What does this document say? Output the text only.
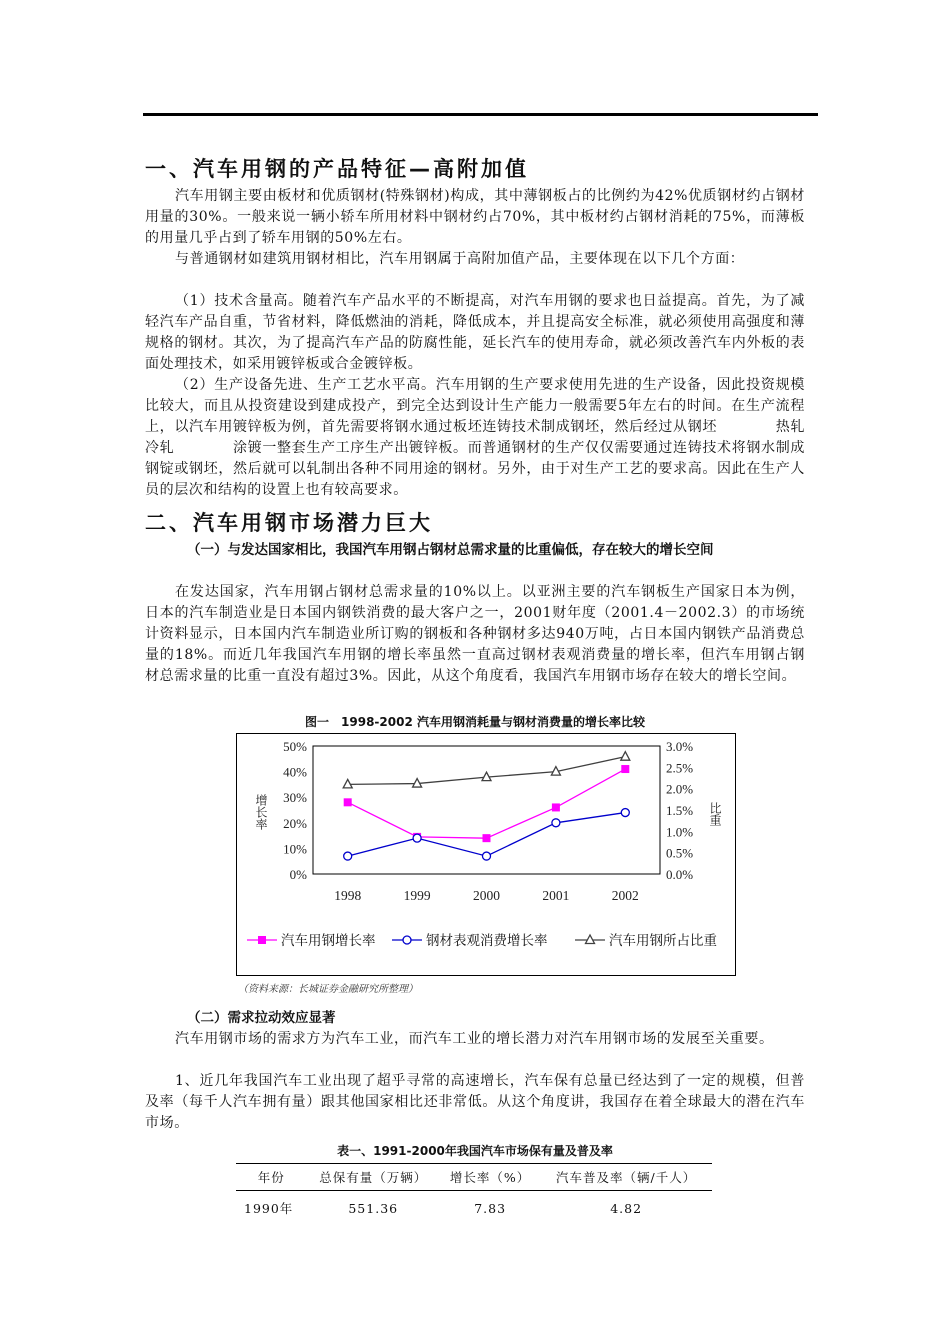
一、汽车用钢的产品特征—高附加值

汽车用钢主要由板材和优质钢材(特殊钢材)构成，其中薄钢板占的比例约为42%优质钢材约占钢材用量的30%。一般来说一辆小轿车所用材料中钢材约占70%，其中板材约占钢材消耗的75%，而薄板的用量几乎占到了轿车用钢的50%左右。

与普通钢材如建筑用钢材相比，汽车用钢属于高附加值产品，主要体现在以下几个方面：

（1）技术含量高。随着汽车产品水平的不断提高，对汽车用钢的要求也日益提高。首先，为了减轻汽车产品自重，节省材料，降低燃油的消耗，降低成本，并且提高安全标准，就必须使用高强度和薄规格的钢材。其次，为了提高汽车产品的防腐性能，延长汽车的使用寿命，就必须改善汽车内外板的表面处理技术，如采用镀锌板或合金镀锌板。

（2）生产设备先进、生产工艺水平高。汽车用钢的生产要求使用先进的生产设备，因此投资规模比较大，而且从投资建设到建成投产，到完全达到设计生产能力一般需要5年左右的时间。在生产流程上，以汽车用镀锌板为例，首先需要将钢水通过板坯连铸技术制成钢坯，然后经过从钢坯　　　　热轧　　　　冷轧　　　　涂镀一整套生产工序生产出镀锌板。而普通钢材的生产仅仅需要通过连铸技术将钢水制成钢锭或钢坯，然后就可以轧制出各种不同用途的钢材。另外，由于对生产工艺的要求高。因此在生产人员的层次和结构的设置上也有较高要求。

二、汽车用钢市场潜力巨大

（一）与发达国家相比，我国汽车用钢占钢材总需求量的比重偏低，存在较大的增长空间

在发达国家，汽车用钢占钢材总需求量的10%以上。以亚洲主要的汽车钢板生产国家日本为例，日本的汽车制造业是日本国内钢铁消费的最大客户之一，2001财年度（2001.4－2002.3）的市场统计资料显示，日本国内汽车制造业所订购的钢板和各种钢材多达940万吨，占日本国内钢铁产品消费总量的18%。而近几年我国汽车用钢的增长率虽然一直高过钢材表观消费量的增长率，但汽车用钢占钢材总需求量的比重一直没有超过3%。因此，从这个角度看，我国汽车用钢市场存在较大的增长空间。

图一　1998-2002 汽车用钢消耗量与钢材消费量的增长率比较
0%
10%
20%
30%
40%
50%
0.0%
0.5%
1.0%
1.5%
2.0%
2.5%
3.0%
1998	1999	2000	2001	2002
增长率	比重
汽车用钢增长率	钢材表观消费增长率	汽车用钢所占比重
（资料来源：长城证券金融研究所整理）

（二）需求拉动效应显著

汽车用钢市场的需求方为汽车工业，而汽车工业的增长潜力对汽车用钢市场的发展至关重要。

1、近几年我国汽车工业出现了超乎寻常的高速增长，汽车保有总量已经达到了一定的规模，但普及率（每千人汽车拥有量）跟其他国家相比还非常低。从这个角度讲，我国存在着全球最大的潜在汽车市场。

表一、1991-2000年我国汽车市场保有量及普及率
年份	总保有量（万辆）	增长率（%）	汽车普及率（辆/千人）
1990年	551.36	7.83	4.82
